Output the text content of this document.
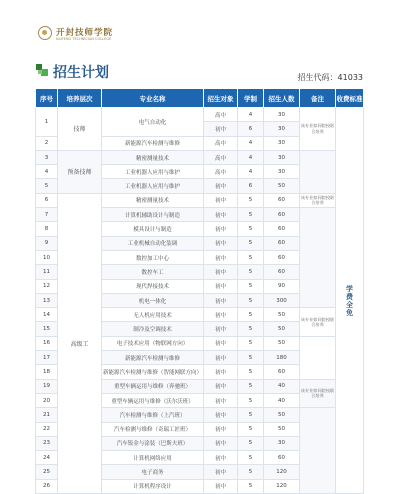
开封技师学院
KAIFENG TECHNICIAN COLLEGE
招生计划	招生代码：41033
序号	培养层次	专业名称	招生对象	学制	招生人数	备注	收费标准
1	技师	电气自动化	高中	4	30	该专业如同院校联合培养	学费全免
			初中	6	30		
2		新能源汽车检测与维修	高中	4	30		
3	预备技师	精密测量技术	高中	4	30		
4		工业机器人应用与维护	高中	4	30		
5		工业机器人应用与维护	初中	6	50		
6	高级工	精密测量技术	初中	5	60	该专业如同院校联合培养	
7		计算机辅助设计与制造	初中	5	60		
8		模具设计与制造	初中	5	60		
9		工业机械自动化装调	初中	5	60		
10		数控加工中心	初中	5	60		
11		数控车工	初中	5	60		
12		现代焊接技术	初中	5	90		
13		机电一体化	初中	5	300		
14		无人机应用技术	初中	5	50	该专业如同院校联合培养	
15		制冷及空调技术	初中	5	50		
16		电子技术应用（物联网方向）	初中	5	50		
17		新能源汽车检测与维修	初中	5	180		
18		新能源汽车检测与维修（智能网联方向）	初中	5	60		
19		重型车辆运用与维修（奔驰班）	初中	5	40	该专业如同院校联合培养	
20		重型车辆运用与维修（沃尔沃班）	初中	5	40		
21		汽车检测与维修（上汽班）	初中	5	50		
22		汽车检测与维修（奇瑞工匠班）	初中	5	50		
23		汽车钣金与涂装（巴斯夫班）	初中	5	30		
24		计算机网络应用	初中	5	60		
25		电子商务	初中	5	120		
26		计算机程序设计	初中	5	120		
